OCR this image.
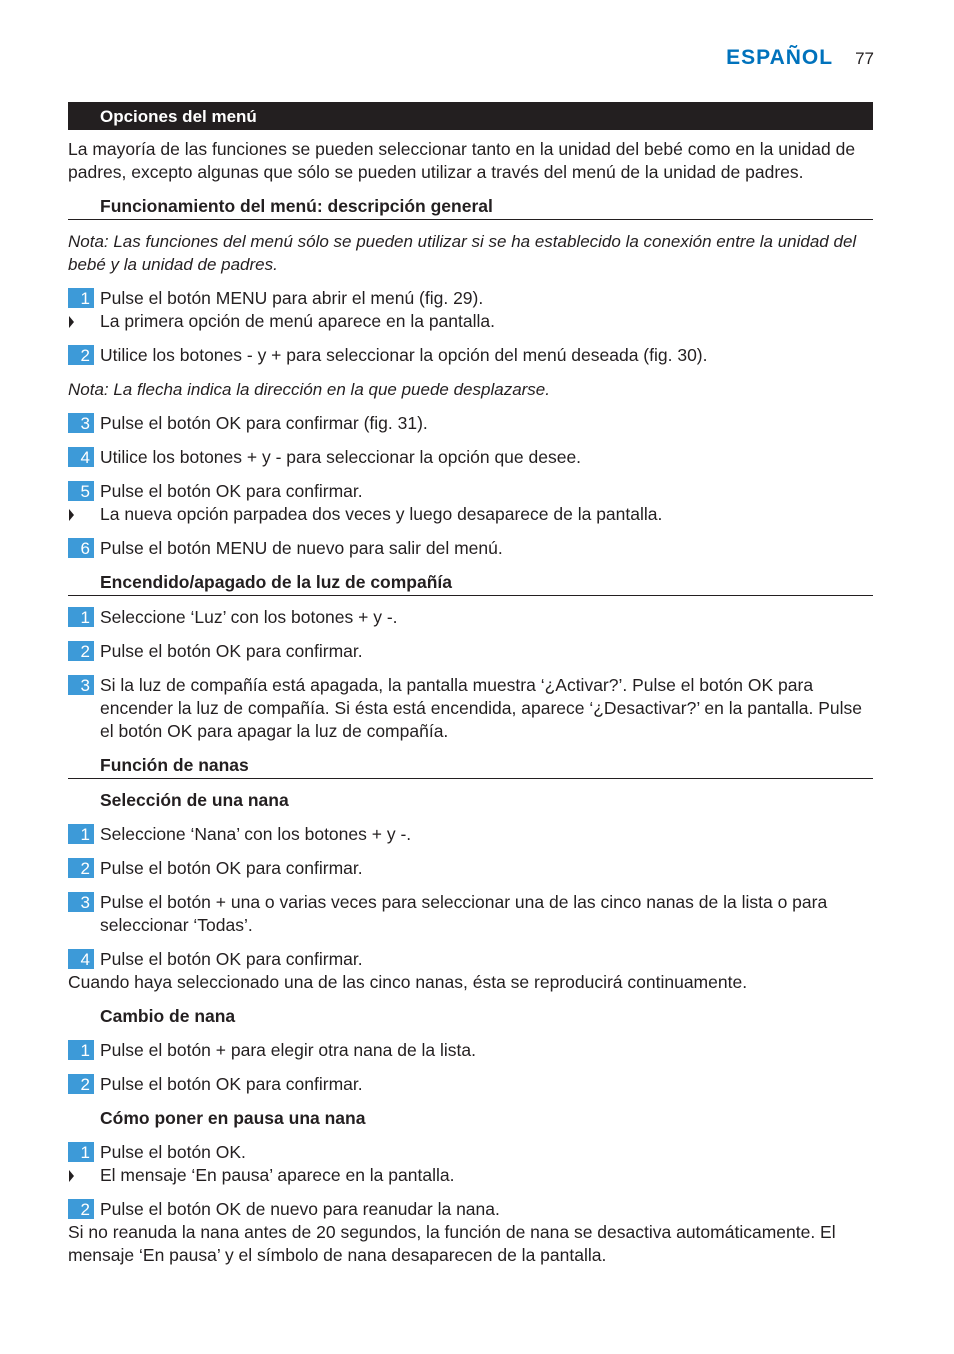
ESPAÑOL 77
Opciones del menú

La mayoría de las funciones se pueden seleccionar tanto en la unidad del bebé como en la unidad de padres, excepto algunas que sólo se pueden utilizar a través del menú de la unidad de padres.

Funcionamiento del menú: descripción general

Nota: Las funciones del menú sólo se pueden utilizar si se ha establecido la conexión entre la unidad del bebé y la unidad de padres.

1 Pulse el botón MENU para abrir el menú (fig. 29).
La primera opción de menú aparece en la pantalla.
2 Utilice los botones - y + para seleccionar la opción del menú deseada (fig. 30).

Nota: La flecha indica la dirección en la que puede desplazarse.

3 Pulse el botón OK para confirmar (fig. 31).
4 Utilice los botones + y - para seleccionar la opción que desee.
5 Pulse el botón OK para confirmar.
La nueva opción parpadea dos veces y luego desaparece de la pantalla.
6 Pulse el botón MENU de nuevo para salir del menú.
Encendido/apagado de la luz de compañía
1 Seleccione ‘Luz’ con los botones + y -.
2 Pulse el botón OK para confirmar.
3 Si la luz de compañía está apagada, la pantalla muestra ‘¿Activar?’. Pulse el botón OK para encender la luz de compañía. Si ésta está encendida, aparece ‘¿Desactivar?’ en la pantalla. Pulse el botón OK para apagar la luz de compañía.
Función de nanas
Selección de una nana
1 Seleccione ‘Nana’ con los botones + y -.
2 Pulse el botón OK para confirmar.
3 Pulse el botón + una o varias veces para seleccionar una de las cinco nanas de la lista o para seleccionar ‘Todas’.
4 Pulse el botón OK para confirmar.

Cuando haya seleccionado una de las cinco nanas, ésta se reproducirá continuamente.

Cambio de nana
1 Pulse el botón + para elegir otra nana de la lista.
2 Pulse el botón OK para confirmar.
Cómo poner en pausa una nana
1 Pulse el botón OK.
El mensaje ‘En pausa’ aparece en la pantalla.
2 Pulse el botón OK de nuevo para reanudar la nana.

Si no reanuda la nana antes de 20 segundos, la función de nana se desactiva automáticamente. El mensaje ‘En pausa’ y el símbolo de nana desaparecen de la pantalla.
